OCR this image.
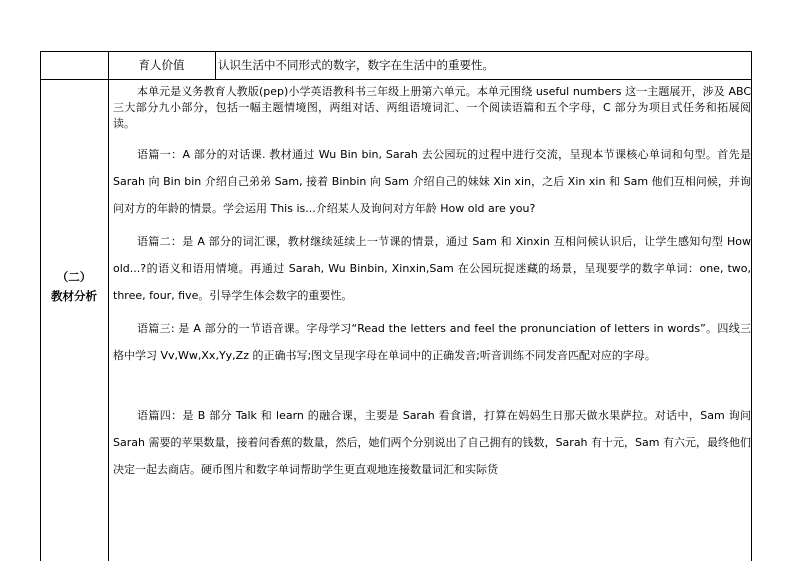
育人价值	认识生活中不同形式的数字，数字在生活中的重要性。
（二）
教材分析
本单元是义务教育人教版(pep)小学英语教科书三年级上册第六单元。本单元围绕 useful numbers 这一主题展开，涉及 ABC 三大部分九小部分，包括一幅主题情境图，两组对话、两组语境词汇、一个阅读语篇和五个字母，C 部分为项目式任务和拓展阅读。
语篇一：A 部分的对话课. 教材通过 Wu Bin bin, Sarah 去公园玩的过程中进行交流，呈现本节课核心单词和句型。首先是 Sarah 向 Bin bin 介绍自己弟弟 Sam, 接着 Binbin 向 Sam 介绍自己的妹妹 Xin xin，之后 Xin xin 和 Sam 他们互相问候，并询问对方的年龄的情景。学会运用 This is...介绍某人及询问对方年龄 How old are you?
语篇二：是 A 部分的词汇课，教材继续延续上一节课的情景，通过 Sam 和 Xinxin 互相问候认识后，让学生感知句型 How old...?的语义和语用情境。再通过 Sarah, Wu Binbin, Xinxin,Sam 在公园玩捉迷藏的场景，呈现要学的数字单词：one, two, three, four, five。引导学生体会数字的重要性。
语篇三: 是 A 部分的一节语音课。字母学习“Read the letters and feel the pronunciation of letters in words”。四线三格中学习 Vv,Ww,Xx,Yy,Zz 的正确书写;图文呈现字母在单词中的正确发音;听音训练不同发音匹配对应的字母。
语篇四：是 B 部分 Talk 和 learn 的融合课，主要是 Sarah 看食谱，打算在妈妈生日那天做水果萨拉。对话中，Sam 询问 Sarah 需要的苹果数量，接着问香蕉的数量，然后，她们两个分别说出了自己拥有的钱数，Sarah 有十元，Sam 有六元，最终他们决定一起去商店。硬币图片和数字单词帮助学生更直观地连接数量词汇和实际货
